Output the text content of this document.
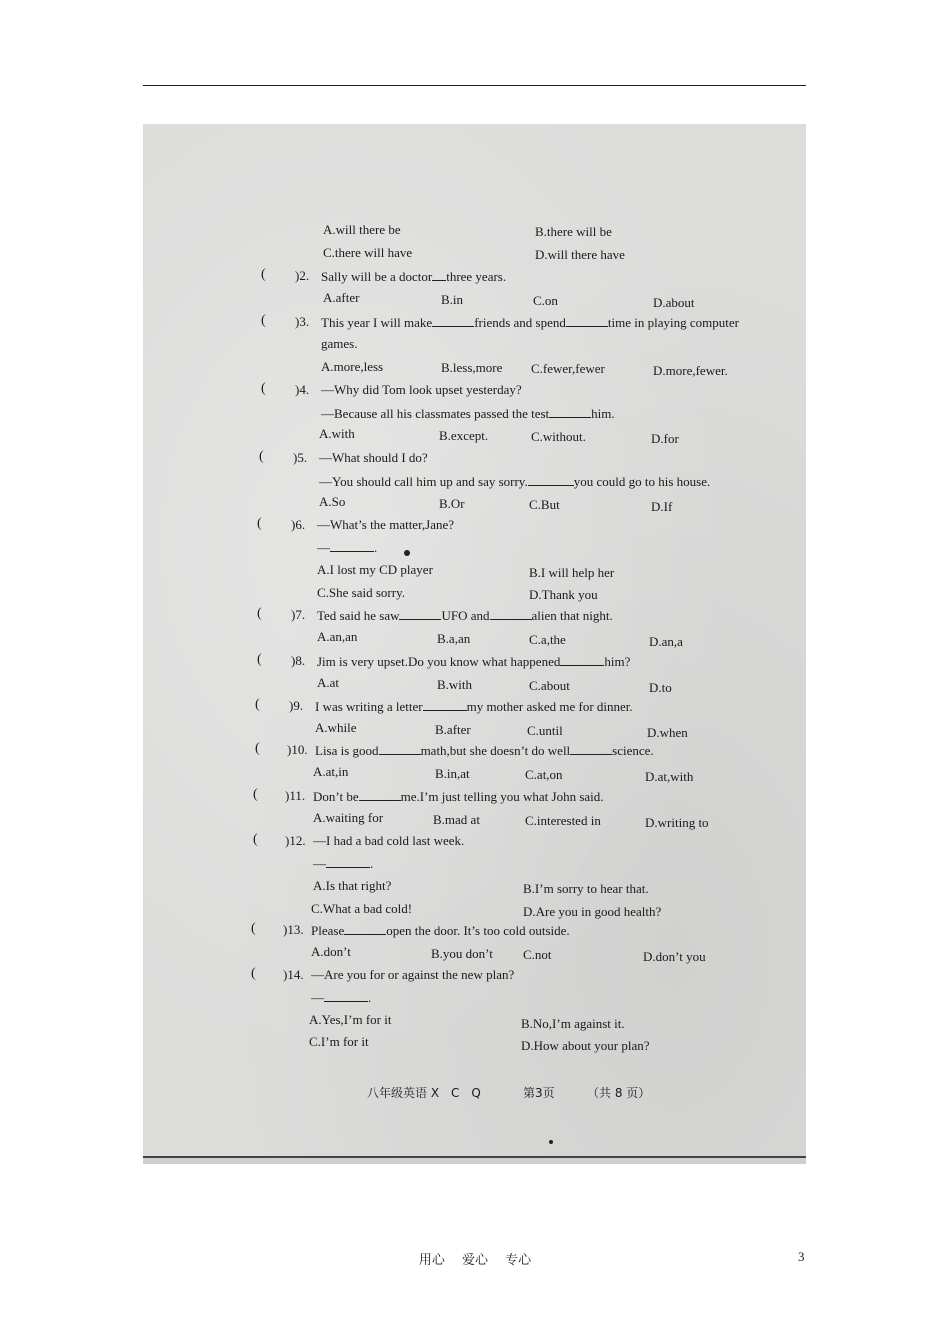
A.will there be	B.there will be
C.there will have	D.will there have
( )2. Sally will be a doctor three years.
A.after	B.in	C.on	D.about
( )3. This year I will make	friends and spend	time in playing computer
games.
A.more,less	B.less,more C.fewer,fewer	D.more,fewer.
( )4. —Why did Tom look upset yesterday?
—Because all his classmates passed the test	him.
A.with	B.except.	C.without.	D.for
( )5. —What should I do?
—You should call him up and say sorry.	you could go to his house.
A.So	B.Or	C.But	D.If
( )6. —What’s the matter,Jane?
—	.
A.I lost my CD player	B.I will help her
C.She said sorry.	D.Thank you
( )7. Ted said he saw	UFO and	alien that night.
A.an,an	B.a,an	C.a,the	D.an,a
( )8. Jim is very upset.Do you know what happened	him?
A.at	B.with	C.about	D.to
( )9. I was writing a letter	my mother asked me for dinner.
A.while	B.after	C.until	D.when
( )10. Lisa is good	math,but she doesn’t do well	science.
A.at,in	B.in,at	C.at,on	D.at,with
( )11. Don’t be	me.I’m just telling you what John said.
A.waiting for	B.mad at	C.interested in	D.writing to
( )12. —I had a bad cold last week.
—	.
A.Is that right?	B.I’m sorry to hear that.
C.What a bad cold!	D.Are you in good health?
( )13. Please	open the door. It’s too cold outside.
A.don’t	B.you don’t C.not	D.don’t you
( )14. —Are you for or against the new plan?
—	.
A.Yes,I’m for it	B.No,I’m against it.
C.I’m for it	D.How about your plan?
八年级英语 X　C　Q	第3页	（共 8 页）
用心　 爱心　 专心	3
